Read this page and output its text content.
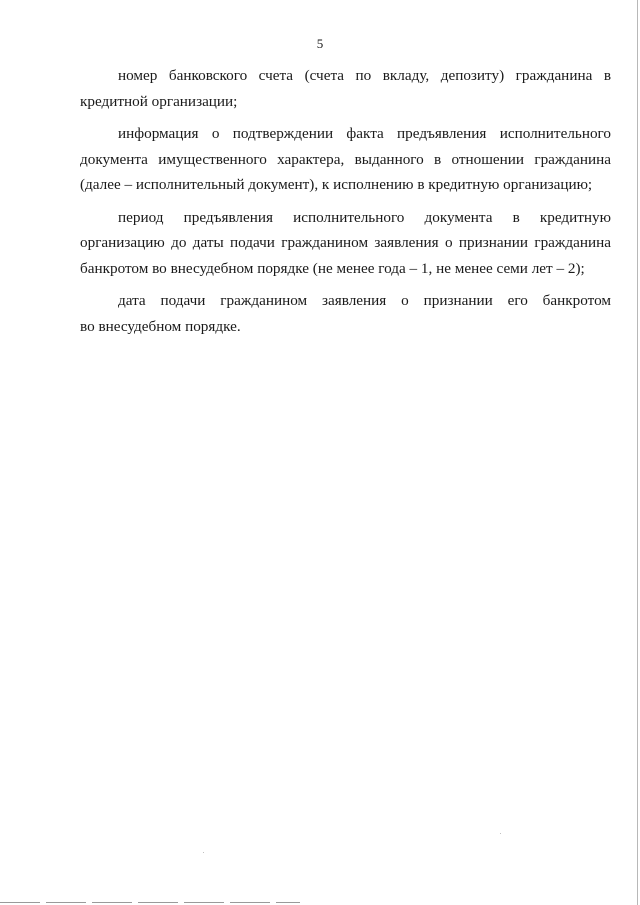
5

номер банковского счета (счета по вкладу, депозиту) гражданина в
кредитной организации;

информация о подтверждении факта предъявления исполнительного
документа имущественного характера, выданного в отношении гражданина
(далее – исполнительный документ), к исполнению в кредитную организацию;

период предъявления исполнительного документа в кредитную
организацию до даты подачи гражданином заявления о признании гражданина
банкротом во внесудебном порядке (не менее года – 1, не менее семи лет – 2);

дата подачи гражданином заявления о признании его банкротом
во внесудебном порядке.
